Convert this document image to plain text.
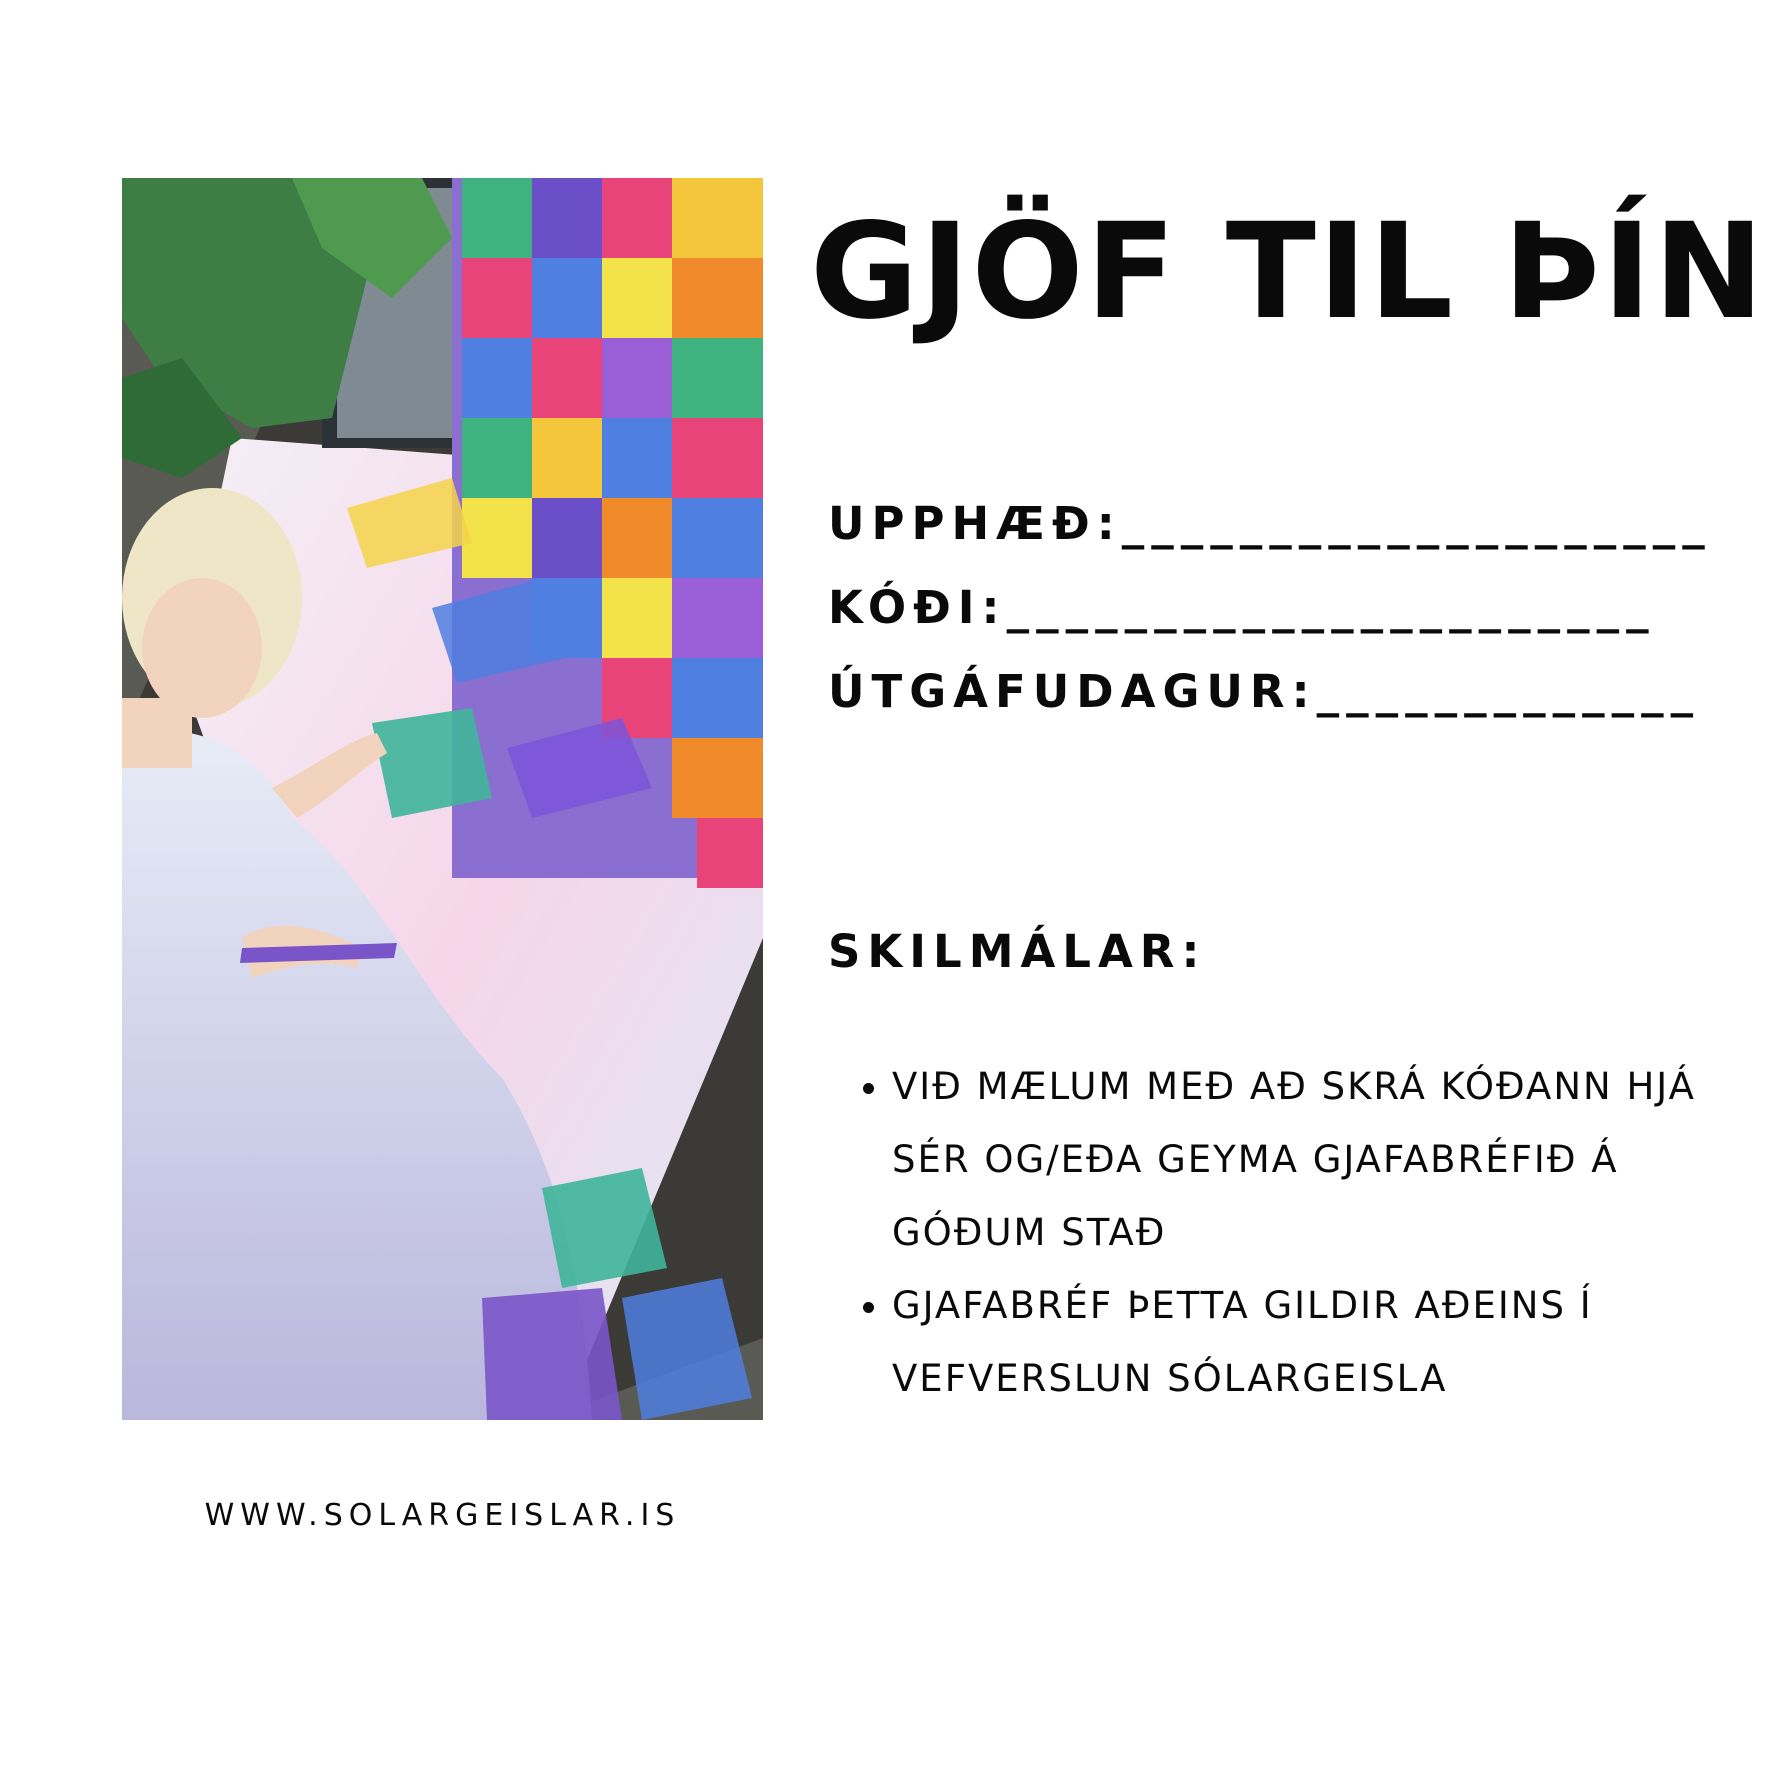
GJÖF TIL ÞÍN
UPPHÆÐ:____________________
KÓÐI:______________________
ÚTGÁFUDAGUR:_____________
SKILMÁLAR:
• VIÐ MÆLUM MEÐ AÐ SKRÁ KÓÐANN HJÁ SÉR OG/EÐA GEYMA GJAFABRÉFIÐ Á GÓÐUM STAÐ
• GJAFABRÉF ÞETTA GILDIR AÐEINS Í VEFVERSLUN SÓLARGEISLA
WWW.SOLARGEISLAR.IS
